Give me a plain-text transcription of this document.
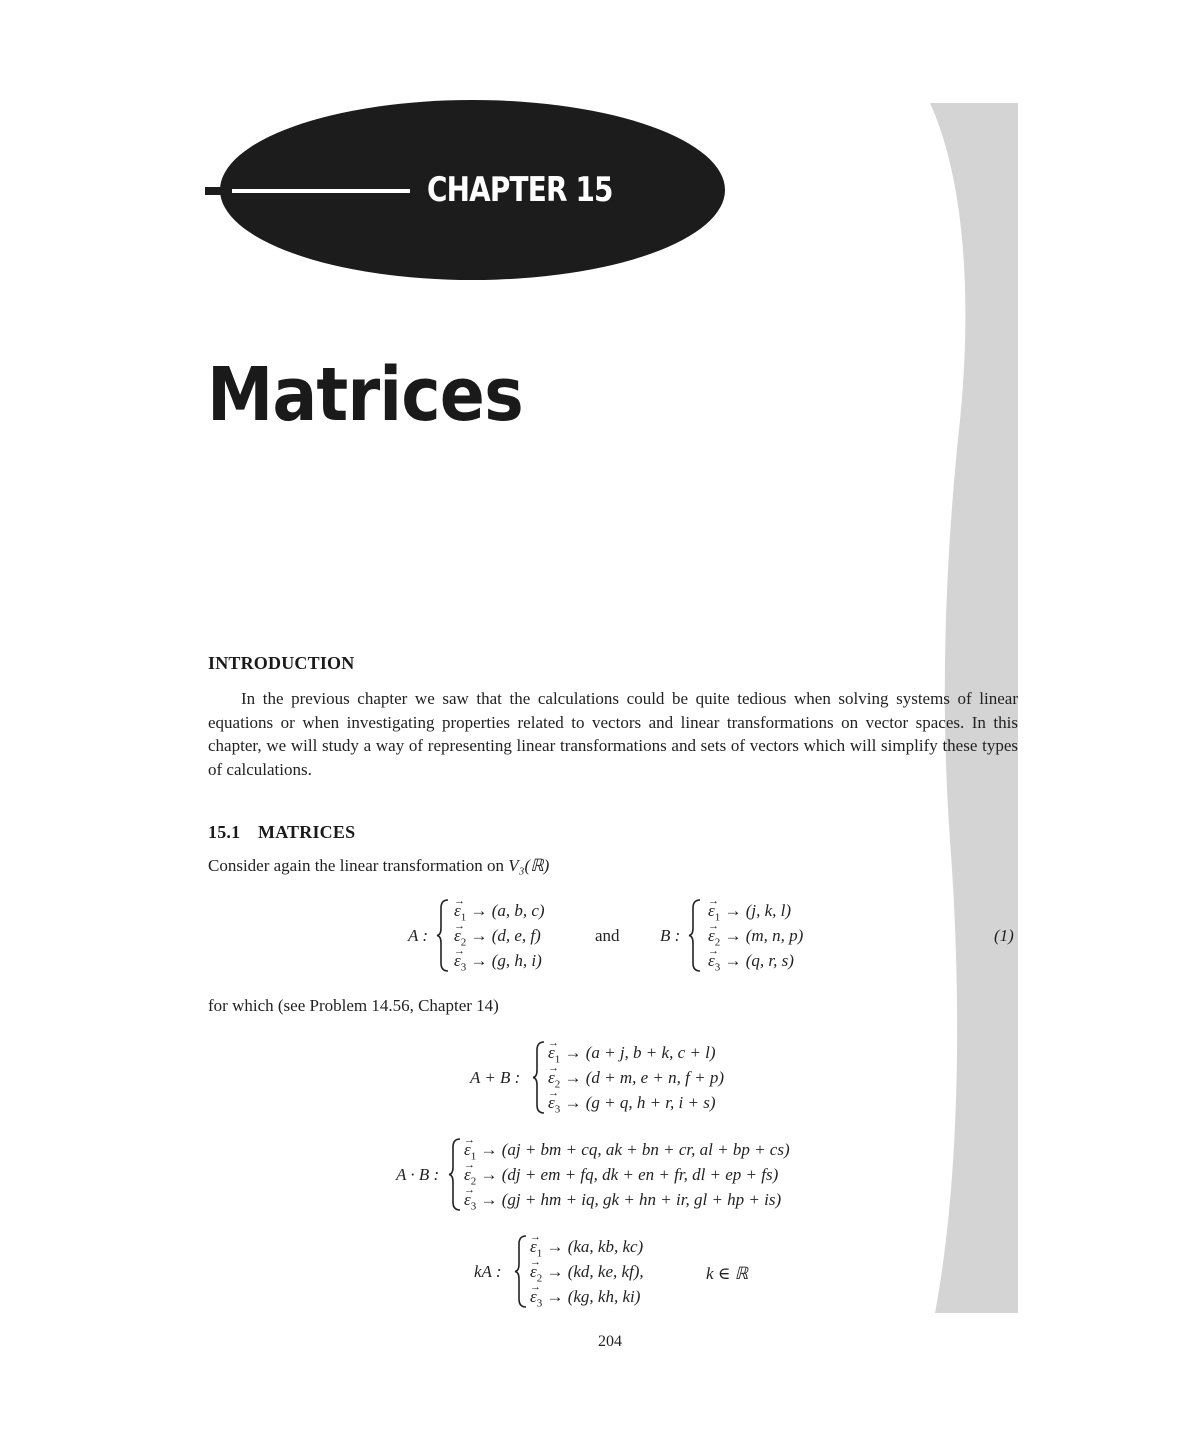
CHAPTER 15
Matrices
INTRODUCTION

In the previous chapter we saw that the calculations could be quite tedious when solving systems of linear equations or when investigating properties related to vectors and linear transformations on vector spaces. In this chapter, we will study a way of representing linear transformations and sets of vectors which will simplify these types of calculations.

15.1 MATRICES

Consider again the linear transformation on V₃(ℝ)

A :
→ $\varepsilon_1 \to (a$, b, c)
→ $\varepsilon_2 \to (d$, e, f)
→ $\varepsilon_3 \to (g$, h, i)
and B :
→ $\varepsilon_1 \to (j$, k, l)
→ $\varepsilon_2 \to (m$, n, p)
→ $\varepsilon_3 \to (q$, r, s)
(1)

for which (see Problem 14.56, Chapter 14)

A + B :
→ $\varepsilon_1 \to (a + j$, b + k, c + l)
→ $\varepsilon_2 \to (d + m$, e + n, f + p)
→ $\varepsilon_3 \to (g + q$, h + r, i + s)
A · B :
→ $\varepsilon_1 \to (aj$ + bm + cq, ak + bn + cr, al + bp + cs)
→ $\varepsilon_2 \to (dj$ + em + fq, dk + en + fr, dl + ep + fs)
→ $\varepsilon_3 \to (gj$ + hm + iq, gk + hn + ir, gl + hp + is)
kA :
→ $\varepsilon_1 \to (ka$, kb, kc)
→ $\varepsilon_2 \to (kd$, ke, kf),
→ $\varepsilon_3 \to (kg$, kh, ki)
k ∈ ℝ
204
